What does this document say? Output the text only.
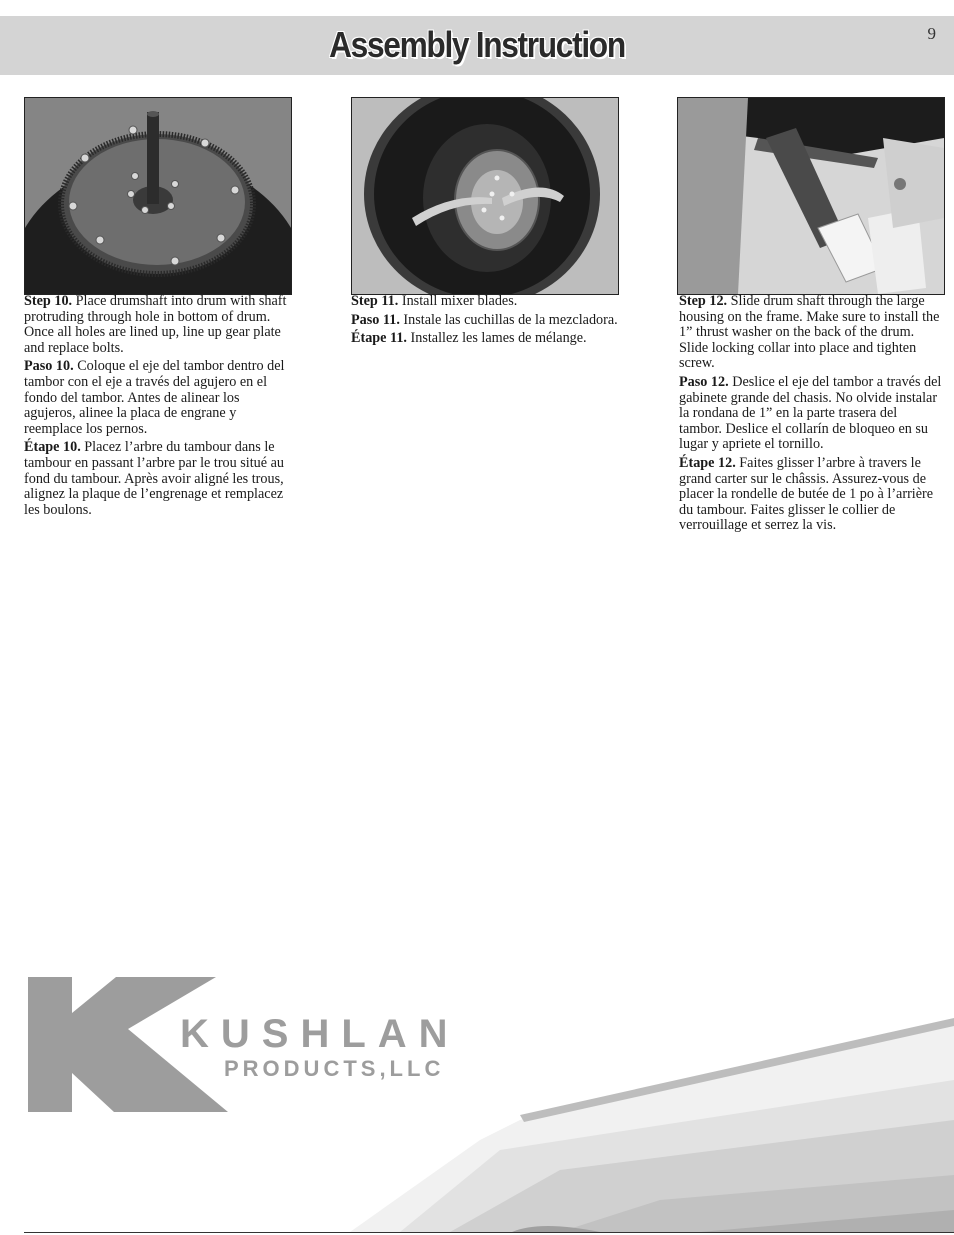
Assembly Instruction	9

Step 10. Place drumshaft into drum with shaft protruding through hole in bottom of drum. Once all holes are lined up, line up gear plate and replace bolts.

Paso 10. Coloque el eje del tambor dentro del tambor con el eje a través del agujero en el fondo del tambor. Antes de alinear los agujeros, alinee la placa de engrane y reemplace los pernos.

Étape 10. Placez l’arbre du tambour dans le tambour en passant l’arbre par le trou situé au fond du tambour. Après avoir aligné les trous, alignez la plaque de l’engrenage et remplacez les boulons.

Step 11. Install mixer blades.

Paso 11. Instale las cuchillas de la mezcladora.

Étape 11. Installez les lames de mélange.

Step 12. Slide drum shaft through the large housing on the frame. Make sure to install the 1” thrust washer on the back of the drum. Slide locking collar into place and tighten screw.

Paso 12. Deslice el eje del tambor a través del gabinete grande del chasis. No olvide instalar la rondana de 1” en la parte trasera del tambor. Deslice el collarín de bloqueo en su lugar y apriete el tornillo.

Étape 12. Faites glisser l’arbre à travers le grand carter sur le châssis. Assurez-vous de placer la rondelle de butée de 1 po à l’arrière du tambour. Faites glisser le collier de verrouillage et serrez la vis.

KUSHLAN
PRODUCTS,LLC
